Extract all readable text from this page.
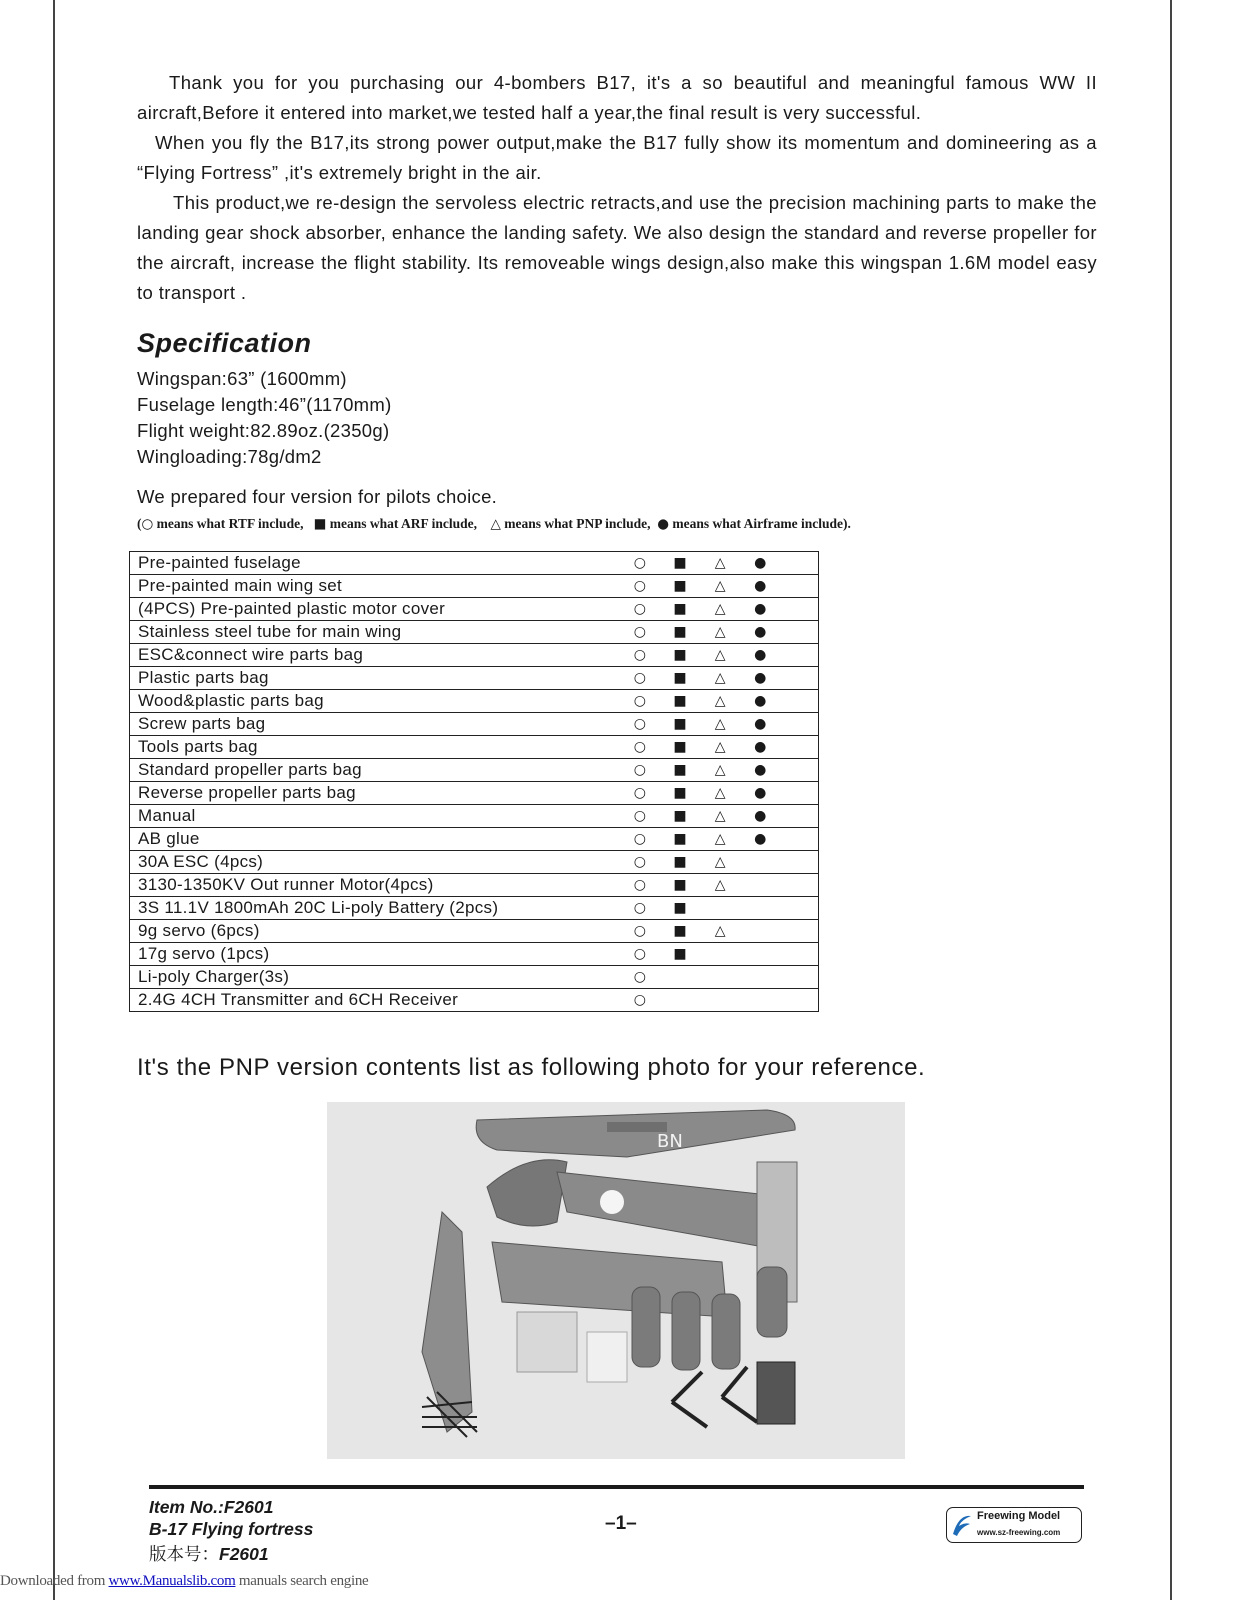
Thank you for you purchasing our 4-bombers B17, it's a so beautiful and meaningful famous WW II aircraft,Before it entered into market,we tested half a year,the final result is very successful.

When you fly the B17,its strong power output,make the B17 fully show its momentum and domineering as a “Flying Fortress” ,it's extremely bright in the air.

This product,we re-design the servoless electric retracts,and use the precision machining parts to make the landing gear shock absorber, enhance the landing safety. We also design the standard and reverse propeller for the aircraft, increase the flight stability. Its removeable wings design,also make this wingspan 1.6M model easy to transport .

Specification
Wingspan:63” (1600mm)
Fuselage length:46”(1170mm)
Flight weight:82.89oz.(2350g)
Wingloading:78g/dm2
We prepared four version for pilots choice.
(○ means what RTF include, ■ means what ARF include, △ means what PNP include, ● means what Airframe include).
Pre-painted fuselage	○	■	△	●	
Pre-painted main wing set	○	■	△	●	
(4PCS) Pre-painted plastic motor cover	○	■	△	●	
Stainless steel tube for main wing	○	■	△	●	
ESC&connect wire parts bag	○	■	△	●	
Plastic parts bag	○	■	△	●	
Wood&plastic parts bag	○	■	△	●	
Screw parts bag	○	■	△	●	
Tools parts bag	○	■	△	●	
Standard propeller parts bag	○	■	△	●	
Reverse propeller parts bag	○	■	△	●	
Manual	○	■	△	●	
AB glue	○	■	△	●	
30A ESC (4pcs)	○	■	△		
3130-1350KV Out runner Motor(4pcs)	○	■	△		
3S 11.1V 1800mAh 20C Li-poly Battery (2pcs)	○	■			
9g servo (6pcs)	○	■	△		
17g servo (1pcs)	○	■			
Li-poly Charger(3s)	○				
2.4G 4CH Transmitter and 6CH Receiver	○				
It's the PNP version contents list as following photo for your reference.
BN
Item No.:F2601
B-17 Flying fortress
版本号：F2601
–1–	Freewing Model
www.sz-freewing.com
Downloaded from www.Manualslib.com manuals search engine
